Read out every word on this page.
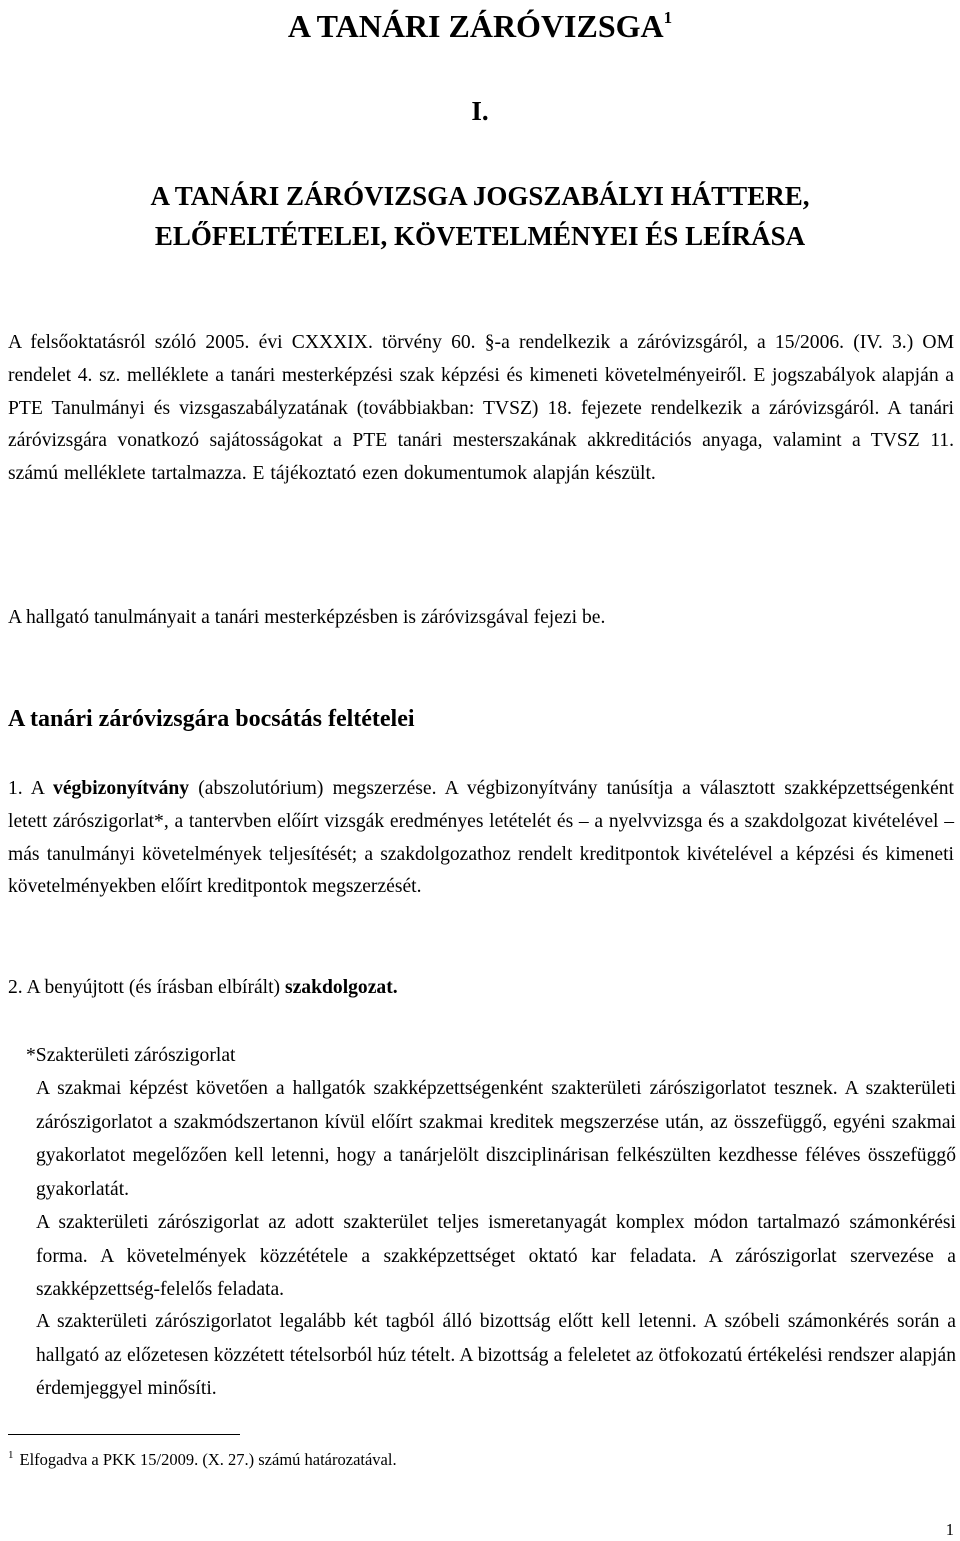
A TANÁRI ZÁRÓVIZSGA$^1$
I.
A TANÁRI ZÁRÓVIZSGA JOGSZABÁLYI HÁTTERE,
ELŐFELTÉTELEI, KÖVETELMÉNYEI ÉS LEÍRÁSA

A felsőoktatásról szóló 2005. évi CXXXIX. törvény 60. §-a rendelkezik a záróvizsgáról, a 15/2006. (IV. 3.) OM rendelet 4. sz. melléklete a tanári mesterképzési szak képzési és kimeneti követelményeiről. E jogszabályok alapján a PTE Tanulmányi és vizsgaszabályzatának (továbbiakban: TVSZ) 18. fejezete rendelkezik a záróvizsgáról. A tanári záróvizsgára vonatkozó sajátosságokat a PTE tanári mesterszakának akkreditációs anyaga, valamint a TVSZ 11. számú melléklete tartalmazza. E tájékoztató ezen dokumentumok alapján készült.

A hallgató tanulmányait a tanári mesterképzésben is záróvizsgával fejezi be.

A tanári záróvizsgára bocsátás feltételei

1. A végbizonyítvány (abszolutórium) megszerzése. A végbizonyítvány tanúsítja a választott szakképzettségenként letett zárószigorlat*, a tantervben előírt vizsgák eredményes letételét és – a nyelvvizsga és a szakdolgozat kivételével – más tanulmányi követelmények teljesítését; a szakdolgozathoz rendelt kreditpontok kivételével a képzési és kimeneti követelményekben előírt kreditpontok megszerzését.

2. A benyújtott (és írásban elbírált) szakdolgozat.

*Szakterületi zárószigorlat

A szakmai képzést követően a hallgatók szakképzettségenként szakterületi zárószigorlatot tesznek. A szakterületi zárószigorlatot a szakmódszertanon kívül előírt szakmai kreditek megszerzése után, az összefüggő, egyéni szakmai gyakorlatot megelőzően kell letenni, hogy a tanárjelölt diszciplinárisan felkészülten kezdhesse féléves összefüggő gyakorlatát.

A szakterületi zárószigorlat az adott szakterület teljes ismeretanyagát komplex módon tartalmazó számonkérési forma. A követelmények közzététele a szakképzettséget oktató kar feladata. A zárószigorlat szervezése a szakképzettség-felelős feladata.

A szakterületi zárószigorlatot legalább két tagból álló bizottság előtt kell letenni. A szóbeli számonkérés során a hallgató az előzetesen közzétett tételsorból húz tételt. A bizottság a feleletet az ötfokozatú értékelési rendszer alapján érdemjeggyel minősíti.

$^1$ Elfogadva a PKK 15/2009. (X. 27.) számú határozatával.
1
